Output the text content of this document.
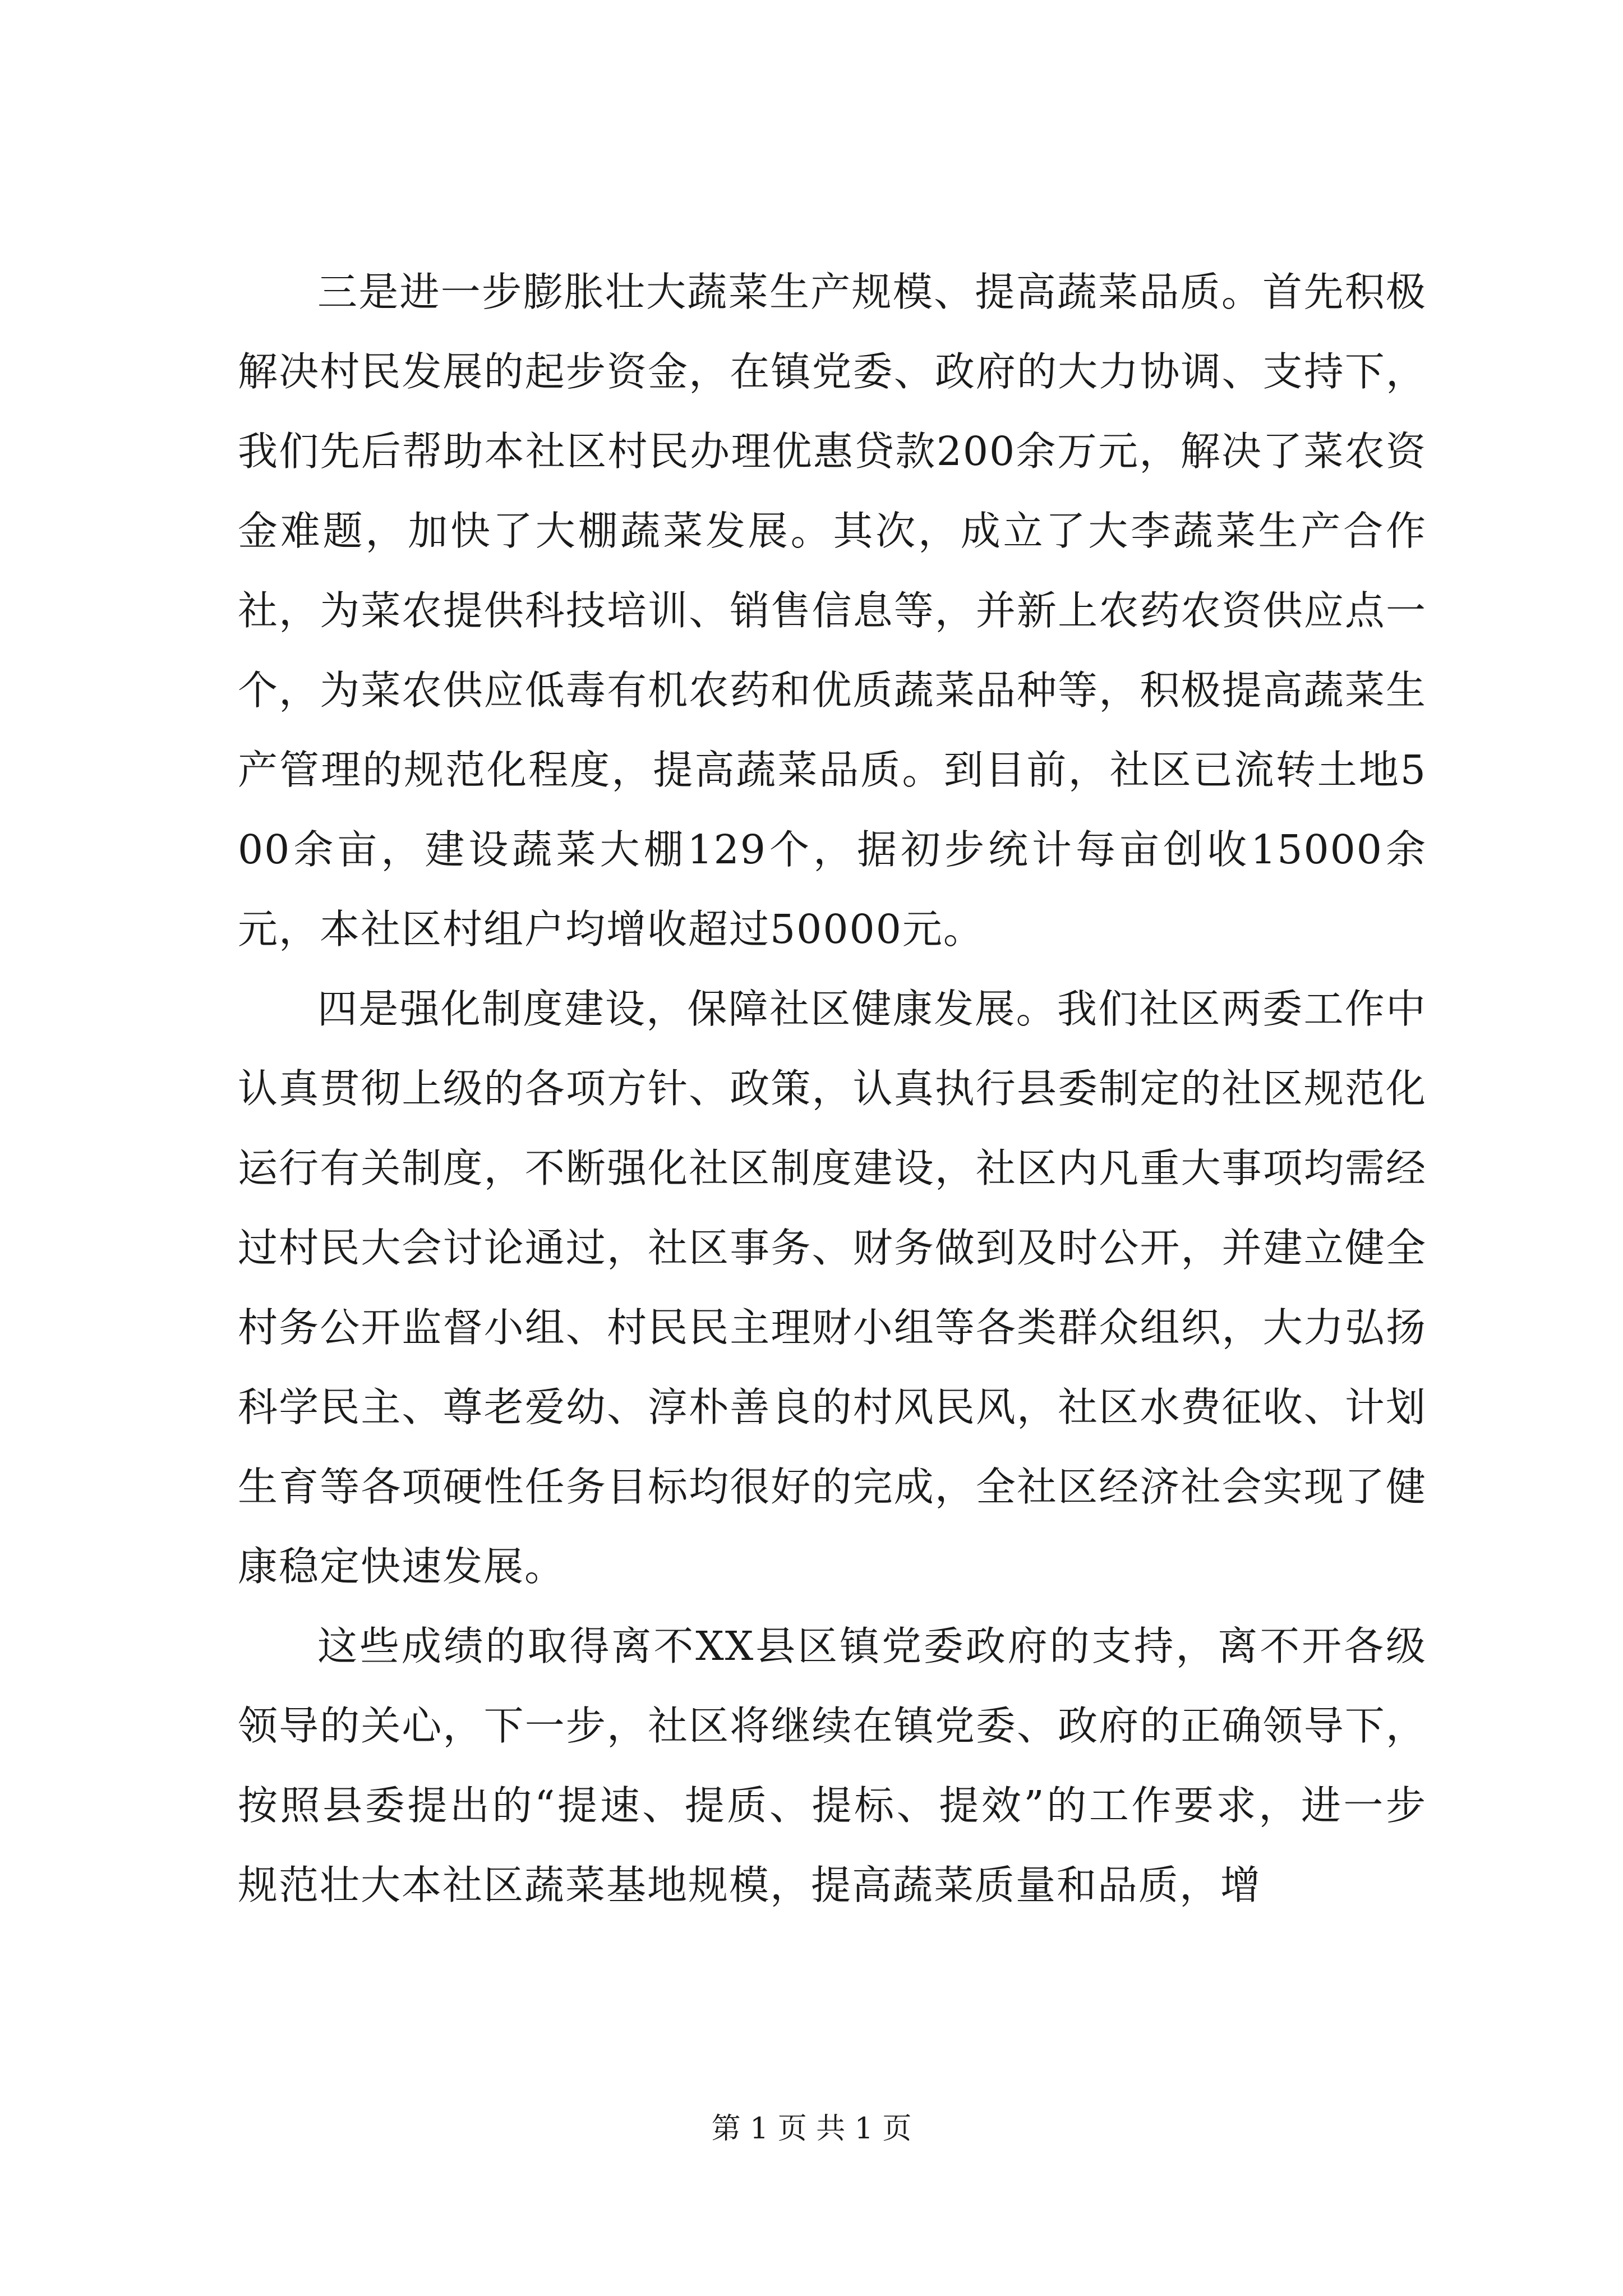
三是进一步膨胀壮大蔬菜生产规模、提高蔬菜品质。首先积极解决村民发展的起步资金，在镇党委、政府的大力协调、支持下，我们先后帮助本社区村民办理优惠贷款200余万元，解决了菜农资金难题，加快了大棚蔬菜发展。其次，成立了大李蔬菜生产合作社，为菜农提供科技培训、销售信息等，并新上农药农资供应点一个，为菜农供应低毒有机农药和优质蔬菜品种等，积极提高蔬菜生产管理的规范化程度，提高蔬菜品质。到目前，社区已流转土地500余亩，建设蔬菜大棚129个，据初步统计每亩创收15000余元，本社区村组户均增收超过50000元。

四是强化制度建设，保障社区健康发展。我们社区两委工作中认真贯彻上级的各项方针、政策，认真执行县委制定的社区规范化运行有关制度，不断强化社区制度建设，社区内凡重大事项均需经过村民大会讨论通过，社区事务、财务做到及时公开，并建立健全村务公开监督小组、村民民主理财小组等各类群众组织，大力弘扬科学民主、尊老爱幼、淳朴善良的村风民风，社区水费征收、计划生育等各项硬性任务目标均很好的完成，全社区经济社会实现了健康稳定快速发展。

这些成绩的取得离不XX县区镇党委政府的支持，离不开各级领导的关心，下一步，社区将继续在镇党委、政府的正确领导下，按照县委提出的“提速、提质、提标、提效”的工作要求，进一步规范壮大本社区蔬菜基地规模，提高蔬菜质量和品质，增

第 1 页 共 1 页
